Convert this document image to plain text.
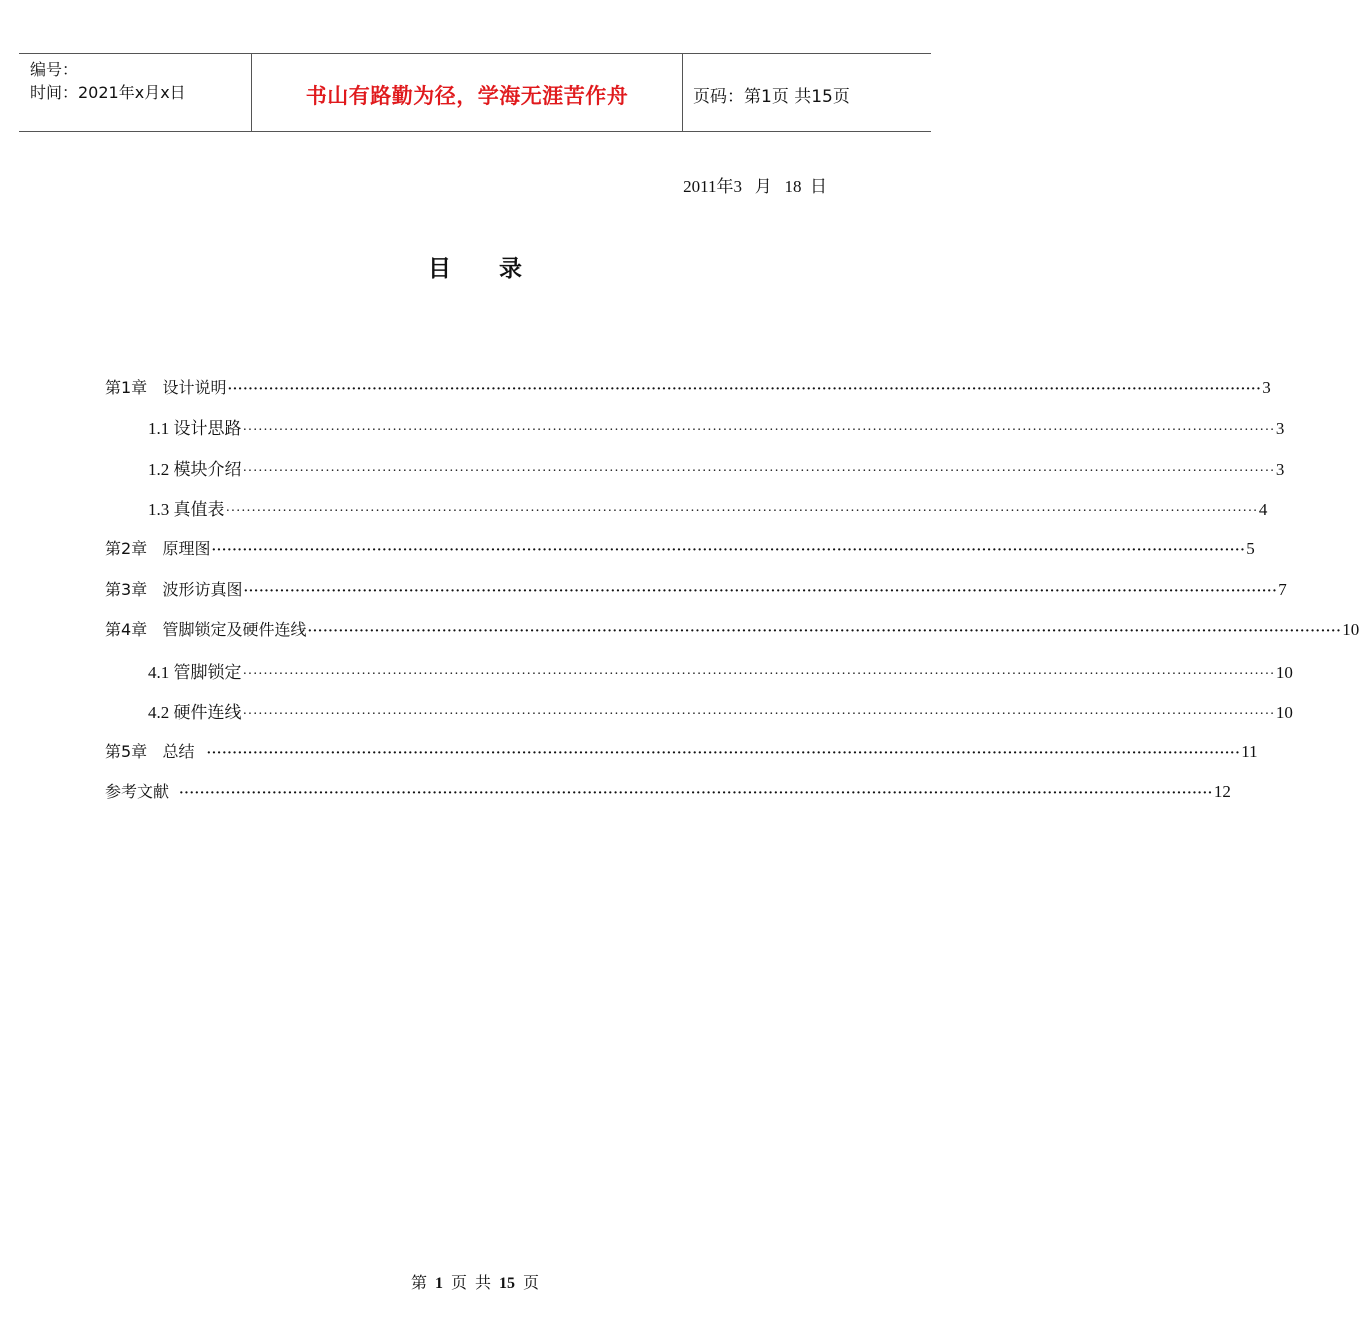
编号：
时间：2021年x月x日	书山有路勤为径，学海无涯苦作舟	页码：第1页 共15页
2011年3   月   18  日
目      录
第1章   设计说明 ········································································································································································································ 3
1.1 设计思路 ········································································································································································································ 3
1.2 模块介绍 ········································································································································································································ 3
1.3 真值表 ········································································································································································································ 4
第2章   原理图 ········································································································································································································ 5
第3章   波形访真图 ········································································································································································································ 7
第4章   管脚锁定及硬件连线 ········································································································································································································ 10
4.1 管脚锁定 ········································································································································································································ 10
4.2 硬件连线 ········································································································································································································ 10
第5章   总结 ········································································································································································································ 11
参考文献 ········································································································································································································ 12
第 1 页  共 15 页
